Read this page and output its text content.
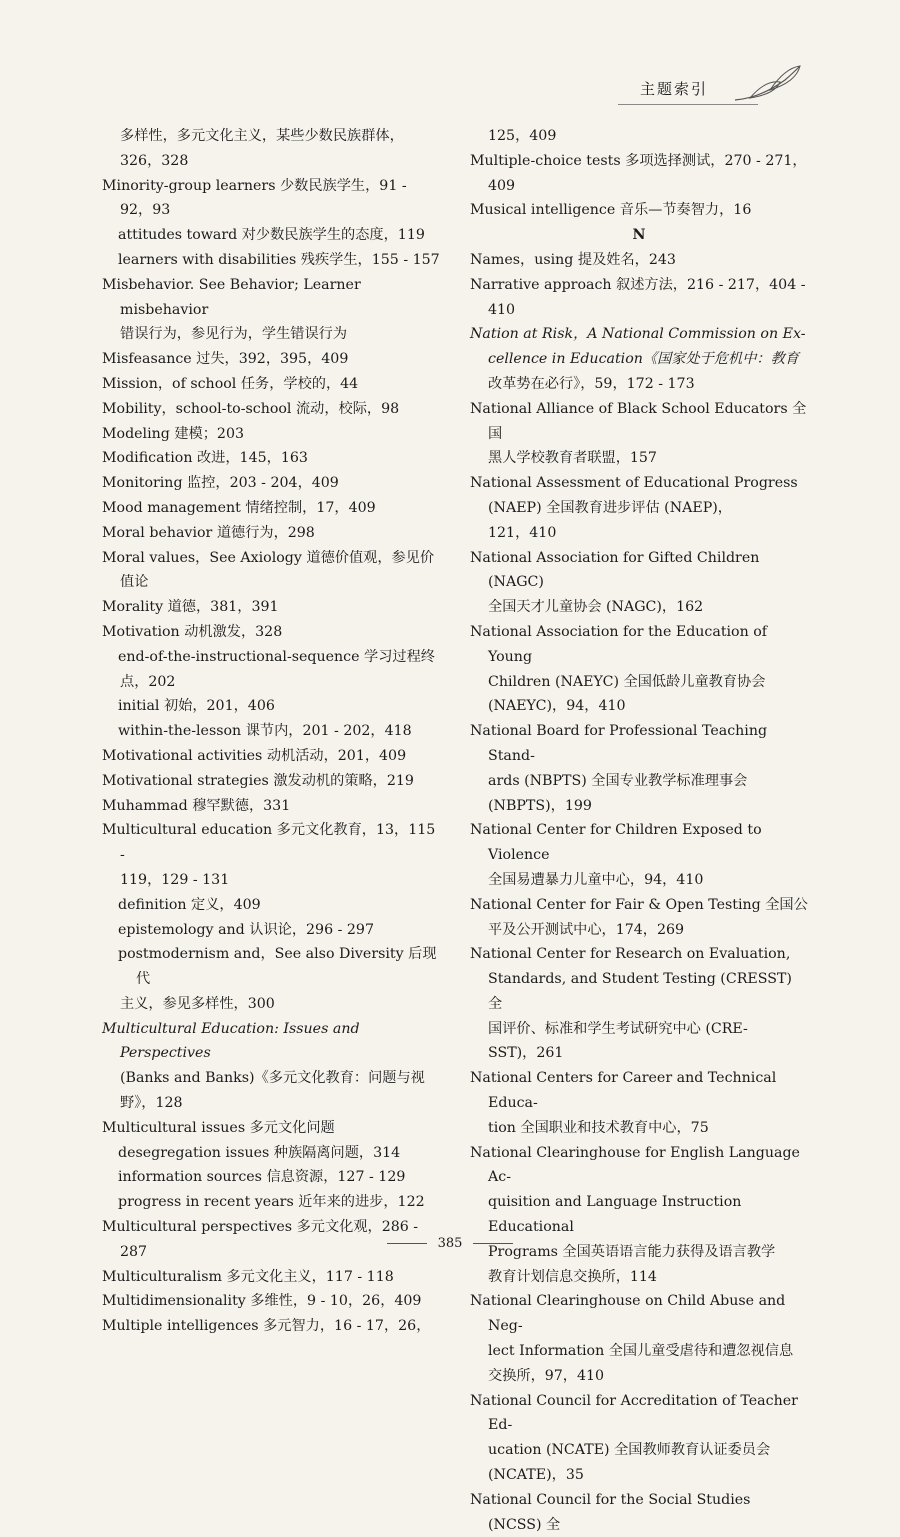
主题索引

多样性，多元文化主义，某些少数民族群体，

326，328

Minority-group learners 少数民族学生，91 -

92，93

attitudes toward 对少数民族学生的态度，119

learners with disabilities 残疾学生，155 - 157

Misbehavior. See Behavior; Learner misbehavior

错误行为，参见行为，学生错误行为

Misfeasance 过失，392，395，409

Mission，of school 任务，学校的，44

Mobility，school-to-school 流动，校际，98

Modeling 建模；203

Modification 改进，145，163

Monitoring 监控，203 - 204，409

Mood management 情绪控制，17，409

Moral behavior 道德行为，298

Moral values，See Axiology 道德价值观，参见价

值论

Morality 道德，381，391

Motivation 动机激发，328

end-of-the-instructional-sequence 学习过程终

点，202

initial 初始，201，406

within-the-lesson 课节内，201 - 202，418

Motivational activities 动机活动，201，409

Motivational strategies 激发动机的策略，219

Muhammad 穆罕默德，331

Multicultural education 多元文化教育，13，115 -

119，129 - 131

definition 定义，409

epistemology and 认识论，296 - 297

postmodernism and，See also Diversity 后现代

主义，参见多样性，300

Multicultural Education: Issues and Perspectives

(Banks and Banks)《多元文化教育：问题与视

野》，128

Multicultural issues 多元文化问题

desegregation issues 种族隔离问题，314

information sources 信息资源，127 - 129

progress in recent years 近年来的进步，122

Multicultural perspectives 多元文化观，286 - 287

Multiculturalism 多元文化主义，117 - 118

Multidimensionality 多维性，9 - 10，26，409

Multiple intelligences 多元智力，16 - 17，26，

125，409

Multiple-choice tests 多项选择测试，270 - 271，

409

Musical intelligence 音乐—节奏智力，16

N

Names，using 提及姓名，243

Narrative approach 叙述方法，216 - 217，404 - 410

Nation at Risk，A National Commission on Ex-

cellence in Education《国家处于危机中：教育

改革势在必行》，59，172 - 173

National Alliance of Black School Educators 全国

黑人学校教育者联盟，157

National Assessment of Educational Progress

(NAEP) 全国教育进步评估 (NAEP)，

121，410

National Association for Gifted Children (NAGC)

全国天才儿童协会 (NAGC)，162

National Association for the Education of Young

Children (NAEYC) 全国低龄儿童教育协会

(NAEYC)，94，410

National Board for Professional Teaching Stand-

ards (NBPTS) 全国专业教学标准理事会

(NBPTS)，199

National Center for Children Exposed to Violence

全国易遭暴力儿童中心，94，410

National Center for Fair & Open Testing 全国公

平及公开测试中心，174，269

National Center for Research on Evaluation,

Standards, and Student Testing (CRESST) 全

国评价、标准和学生考试研究中心 (CRE-

SST)，261

National Centers for Career and Technical Educa-

tion 全国职业和技术教育中心，75

National Clearinghouse for English Language Ac-

quisition and Language Instruction Educational

Programs 全国英语语言能力获得及语言教学

教育计划信息交换所，114

National Clearinghouse on Child Abuse and Neg-

lect Information 全国儿童受虐待和遭忽视信息

交换所，97，410

National Council for Accreditation of Teacher Ed-

ucation (NCATE) 全国教师教育认证委员会

(NCATE)，35

National Council for the Social Studies (NCSS) 全

385
